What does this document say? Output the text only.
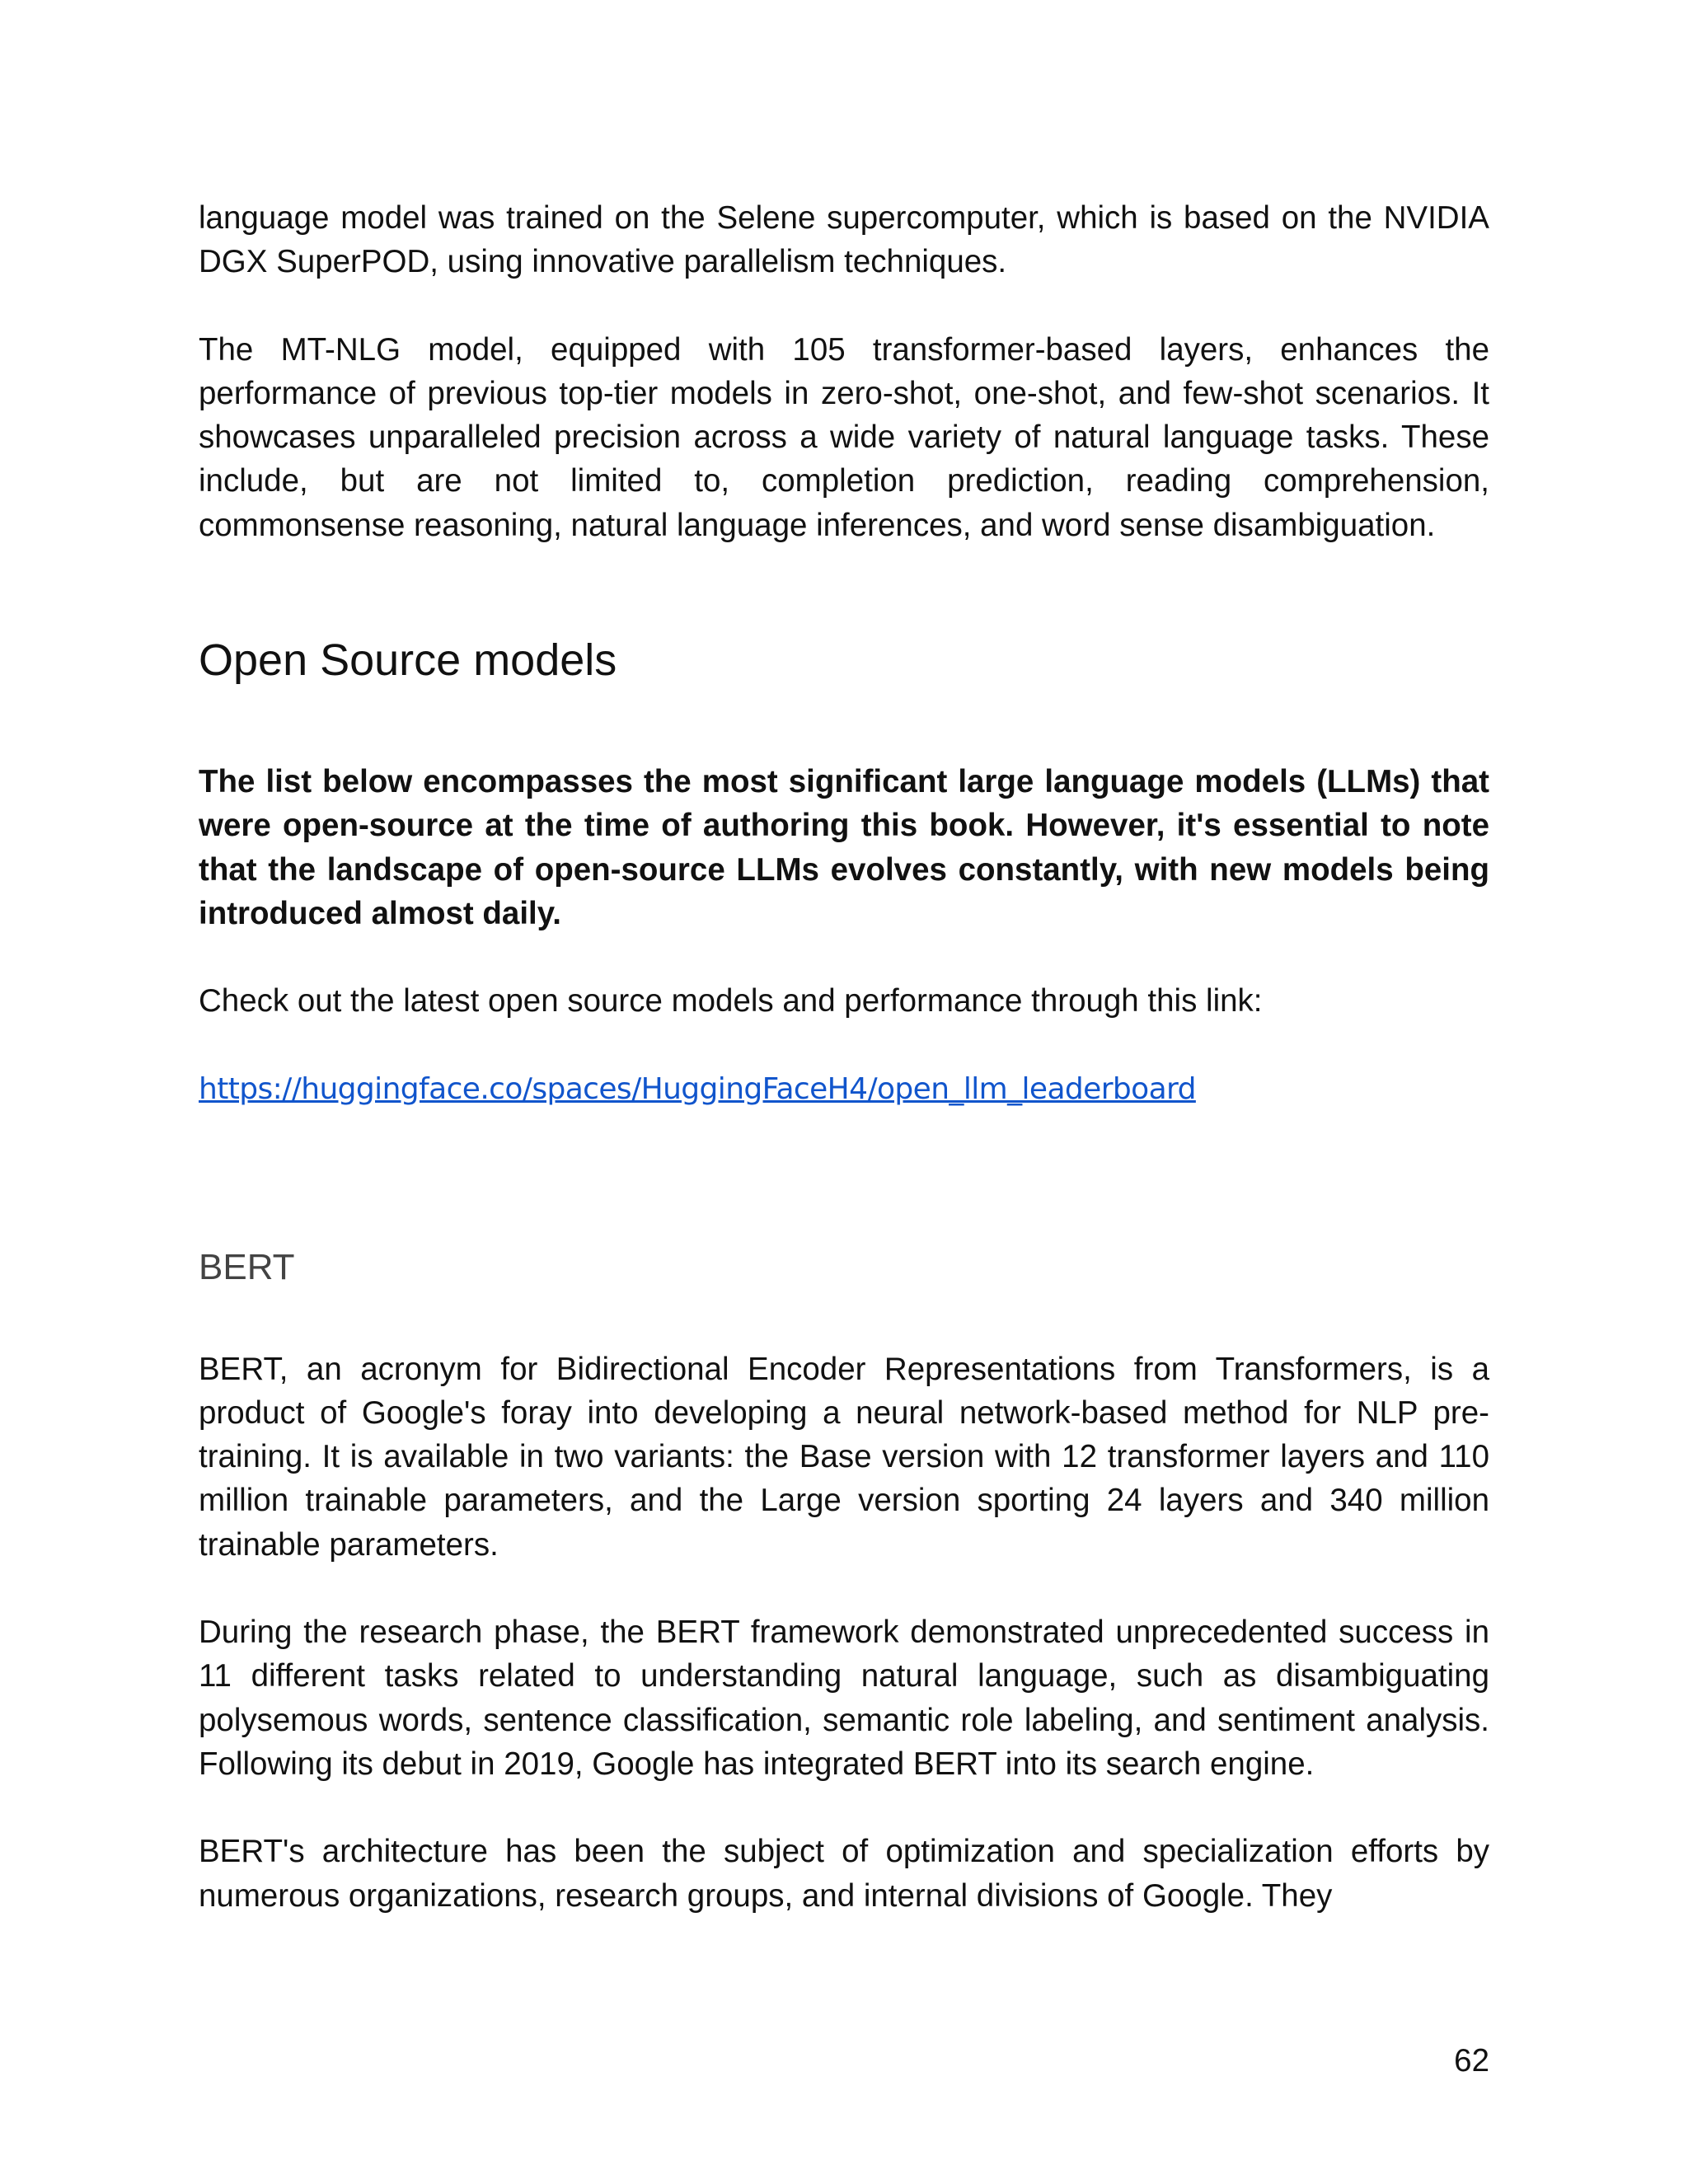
language model was trained on the Selene supercomputer, which is based on the NVIDIA DGX SuperPOD, using innovative parallelism techniques.

The MT-NLG model, equipped with 105 transformer-based layers, enhances the performance of previous top-tier models in zero-shot, one-shot, and few-shot scenarios. It showcases unparalleled precision across a wide variety of natural language tasks. These include, but are not limited to, completion prediction, reading comprehension, commonsense reasoning, natural language inferences, and word sense disambiguation.

Open Source models

The list below encompasses the most significant large language models (LLMs) that were open-source at the time of authoring this book. However, it's essential to note that the landscape of open-source LLMs evolves constantly, with new models being introduced almost daily.

Check out the latest open source models and performance through this link:

https://huggingface.co/spaces/HuggingFaceH4/open_llm_leaderboard
BERT

BERT, an acronym for Bidirectional Encoder Representations from Transformers, is a product of Google's foray into developing a neural network-based method for NLP pre-training. It is available in two variants: the Base version with 12 transformer layers and 110 million trainable parameters, and the Large version sporting 24 layers and 340 million trainable parameters.

During the research phase, the BERT framework demonstrated unprecedented success in 11 different tasks related to understanding natural language, such as disambiguating polysemous words, sentence classification, semantic role labeling, and sentiment analysis. Following its debut in 2019, Google has integrated BERT into its search engine.

BERT's architecture has been the subject of optimization and specialization efforts by numerous organizations, research groups, and internal divisions of Google. They

62
